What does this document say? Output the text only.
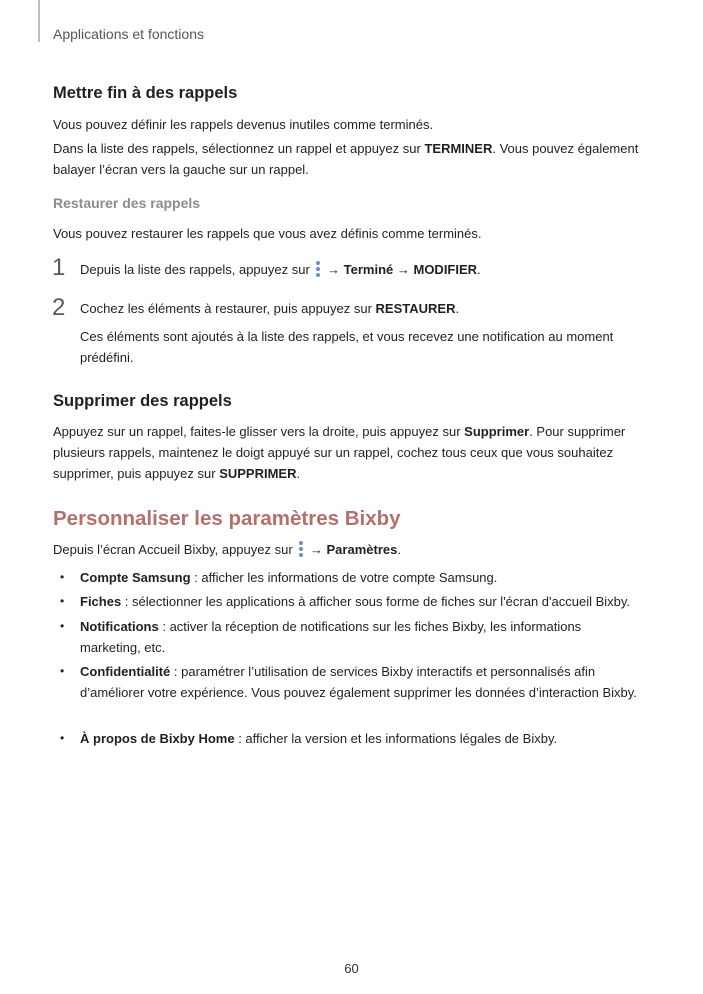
Applications et fonctions
Mettre fin à des rappels
Vous pouvez définir les rappels devenus inutiles comme terminés.
Dans la liste des rappels, sélectionnez un rappel et appuyez sur TERMINER. Vous pouvez également balayer l’écran vers la gauche sur un rappel.
Restaurer des rappels
Vous pouvez restaurer les rappels que vous avez définis comme terminés.
1 Depuis la liste des rappels, appuyez sur
→ Terminé → MODIFIER.
2 Cochez les éléments à restaurer, puis appuyez sur RESTAURER.
Ces éléments sont ajoutés à la liste des rappels, et vous recevez une notification au moment prédéfini.
Supprimer des rappels
Appuyez sur un rappel, faites-le glisser vers la droite, puis appuyez sur Supprimer. Pour supprimer plusieurs rappels, maintenez le doigt appuyé sur un rappel, cochez tous ceux que vous souhaitez supprimer, puis appuyez sur SUPPRIMER.
Personnaliser les paramètres Bixby
Depuis l’écran Accueil Bixby, appuyez sur
→ Paramètres.
• Compte Samsung : afficher les informations de votre compte Samsung.
• Fiches : sélectionner les applications à afficher sous forme de fiches sur l'écran d'accueil Bixby.
• Notifications : activer la réception de notifications sur les fiches Bixby, les informations marketing, etc.
• Confidentialité : paramétrer l’utilisation de services Bixby interactifs et personnalisés afin d’améliorer votre expérience. Vous pouvez également supprimer les données d’interaction Bixby.
• À propos de Bixby Home : afficher la version et les informations légales de Bixby.
60
